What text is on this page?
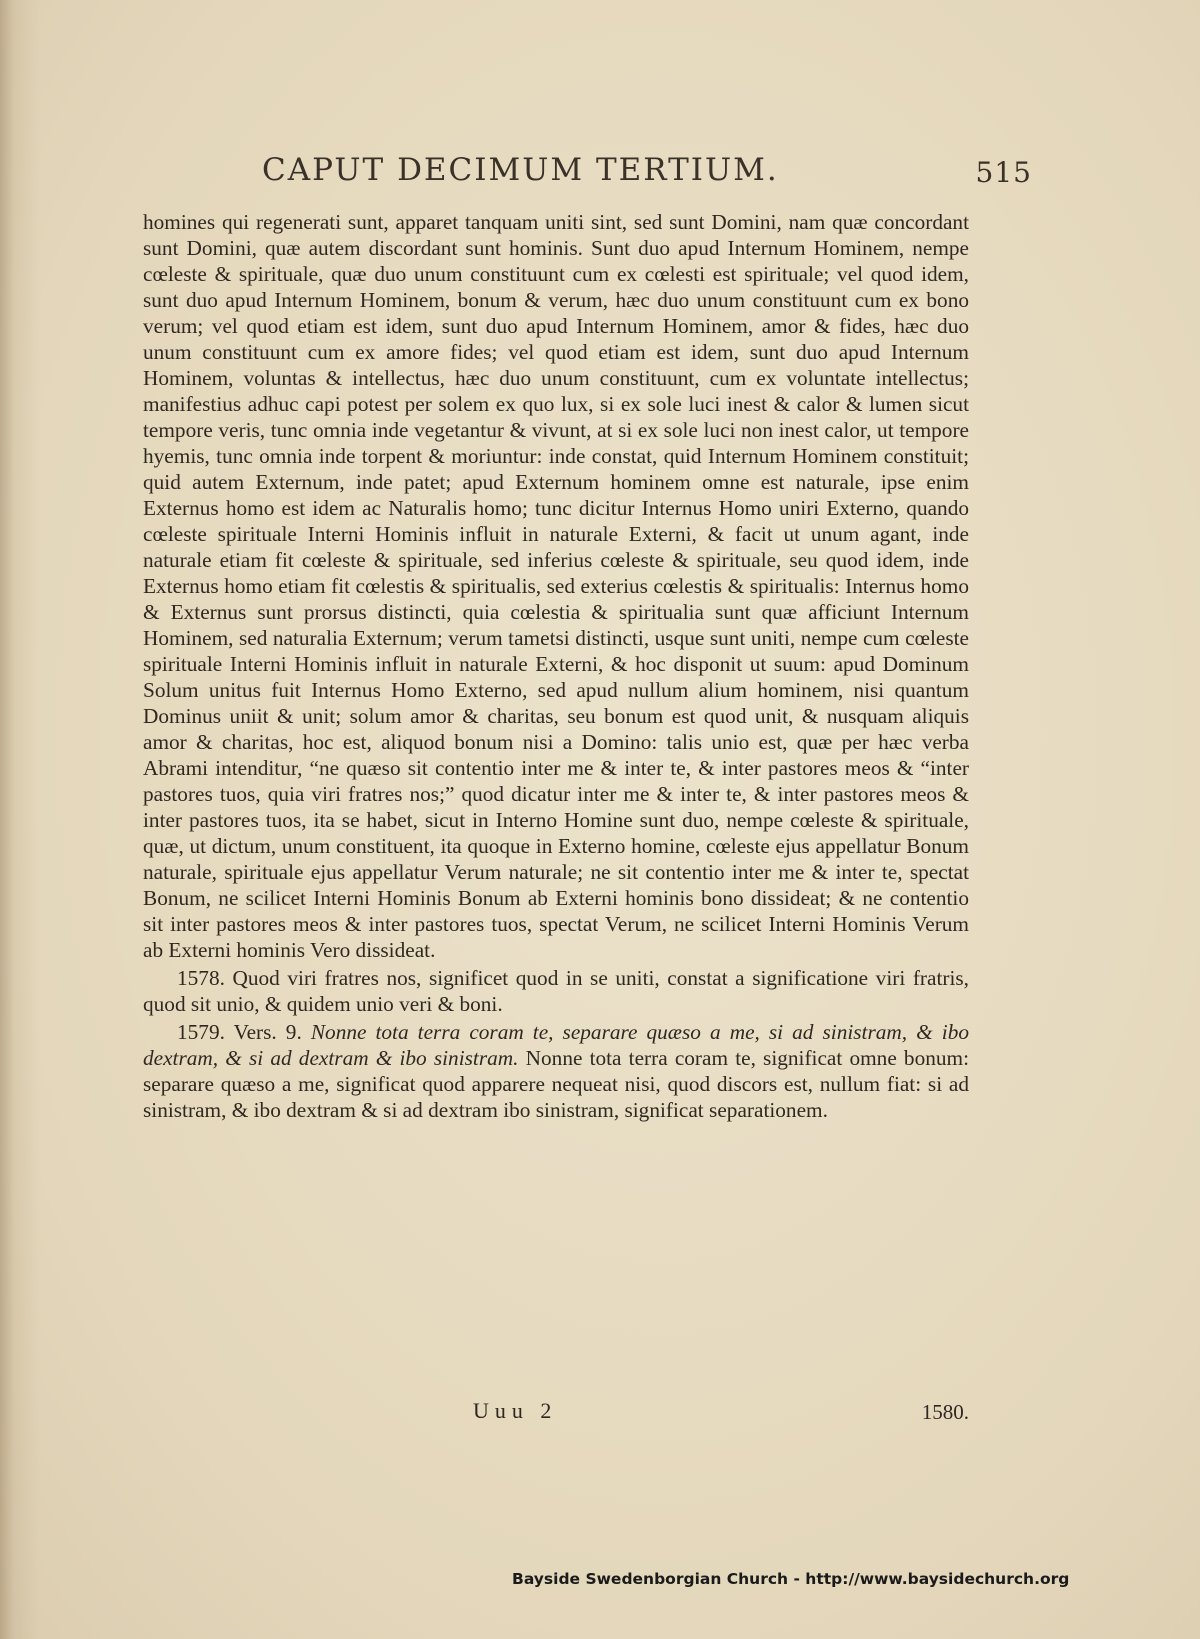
CAPUT DECIMUM TERTIUM.	515

homines qui regenerati sunt, apparet tanquam uniti sint, sed sunt Domini, nam quæ concordant sunt Domini, quæ autem discordant sunt hominis. Sunt duo apud Internum Hominem, nempe cœleste & spirituale, quæ duo unum constituunt cum ex cœlesti est spirituale; vel quod idem, sunt duo apud Internum Hominem, bonum & verum, hæc duo unum constituunt cum ex bono verum; vel quod etiam est idem, sunt duo apud Internum Hominem, amor & fides, hæc duo unum constituunt cum ex amore fides; vel quod etiam est idem, sunt duo apud Internum Hominem, voluntas & intellectus, hæc duo unum constituunt, cum ex voluntate intellectus; manifestius adhuc capi potest per solem ex quo lux, si ex sole luci inest & calor & lumen sicut tempore veris, tunc omnia inde vegetantur & vivunt, at si ex sole luci non inest calor, ut tempore hyemis, tunc omnia inde torpent & moriuntur: inde constat, quid Internum Hominem constituit; quid autem Externum, inde patet; apud Externum hominem omne est naturale, ipse enim Externus homo est idem ac Naturalis homo; tunc dicitur Internus Homo uniri Externo, quando cœleste spirituale Interni Hominis influit in naturale Externi, & facit ut unum agant, inde naturale etiam fit cœleste & spirituale, sed inferius cœleste & spirituale, seu quod idem, inde Externus homo etiam fit cœlestis & spiritualis, sed exterius cœlestis & spiritualis: Internus homo & Externus sunt prorsus distincti, quia cœlestia & spiritualia sunt quæ afficiunt Internum Hominem, sed naturalia Externum; verum tametsi distincti, usque sunt uniti, nempe cum cœleste spirituale Interni Hominis influit in naturale Externi, & hoc disponit ut suum: apud Dominum Solum unitus fuit Internus Homo Externo, sed apud nullum alium hominem, nisi quantum Dominus uniit & unit; solum amor & charitas, seu bonum est quod unit, & nusquam aliquis amor & charitas, hoc est, aliquod bonum nisi a Domino: talis unio est, quæ per hæc verba Abrami intenditur, “ne quæso sit contentio inter me & inter te, & inter pastores meos & “inter pastores tuos, quia viri fratres nos;” quod dicatur inter me & inter te, & inter pastores meos & inter pastores tuos, ita se habet, sicut in Interno Homine sunt duo, nempe cœleste & spirituale, quæ, ut dictum, unum constituent, ita quoque in Externo homine, cœleste ejus appellatur Bonum naturale, spirituale ejus appellatur Verum naturale; ne sit contentio inter me & inter te, spectat Bonum, ne scilicet Interni Hominis Bonum ab Externi hominis bono dissideat; & ne contentio sit inter pastores meos & inter pastores tuos, spectat Verum, ne scilicet Interni Hominis Verum ab Externi hominis Vero dissideat.

1578. Quod viri fratres nos, significet quod in se uniti, constat a significatione viri fratris, quod sit unio, & quidem unio veri & boni.

1579. Vers. 9. Nonne tota terra coram te, separare quæso a me, si ad sinistram, & ibo dextram, & si ad dextram & ibo sinistram. Nonne tota terra coram te, significat omne bonum: separare quæso a me, significat quod apparere nequeat nisi, quod discors est, nullum fiat: si ad sinistram, & ibo dextram & si ad dextram ibo sinistram, significat separationem.

Uuu 2	1580.
Bayside Swedenborgian Church - http://www.baysidechurch.org
